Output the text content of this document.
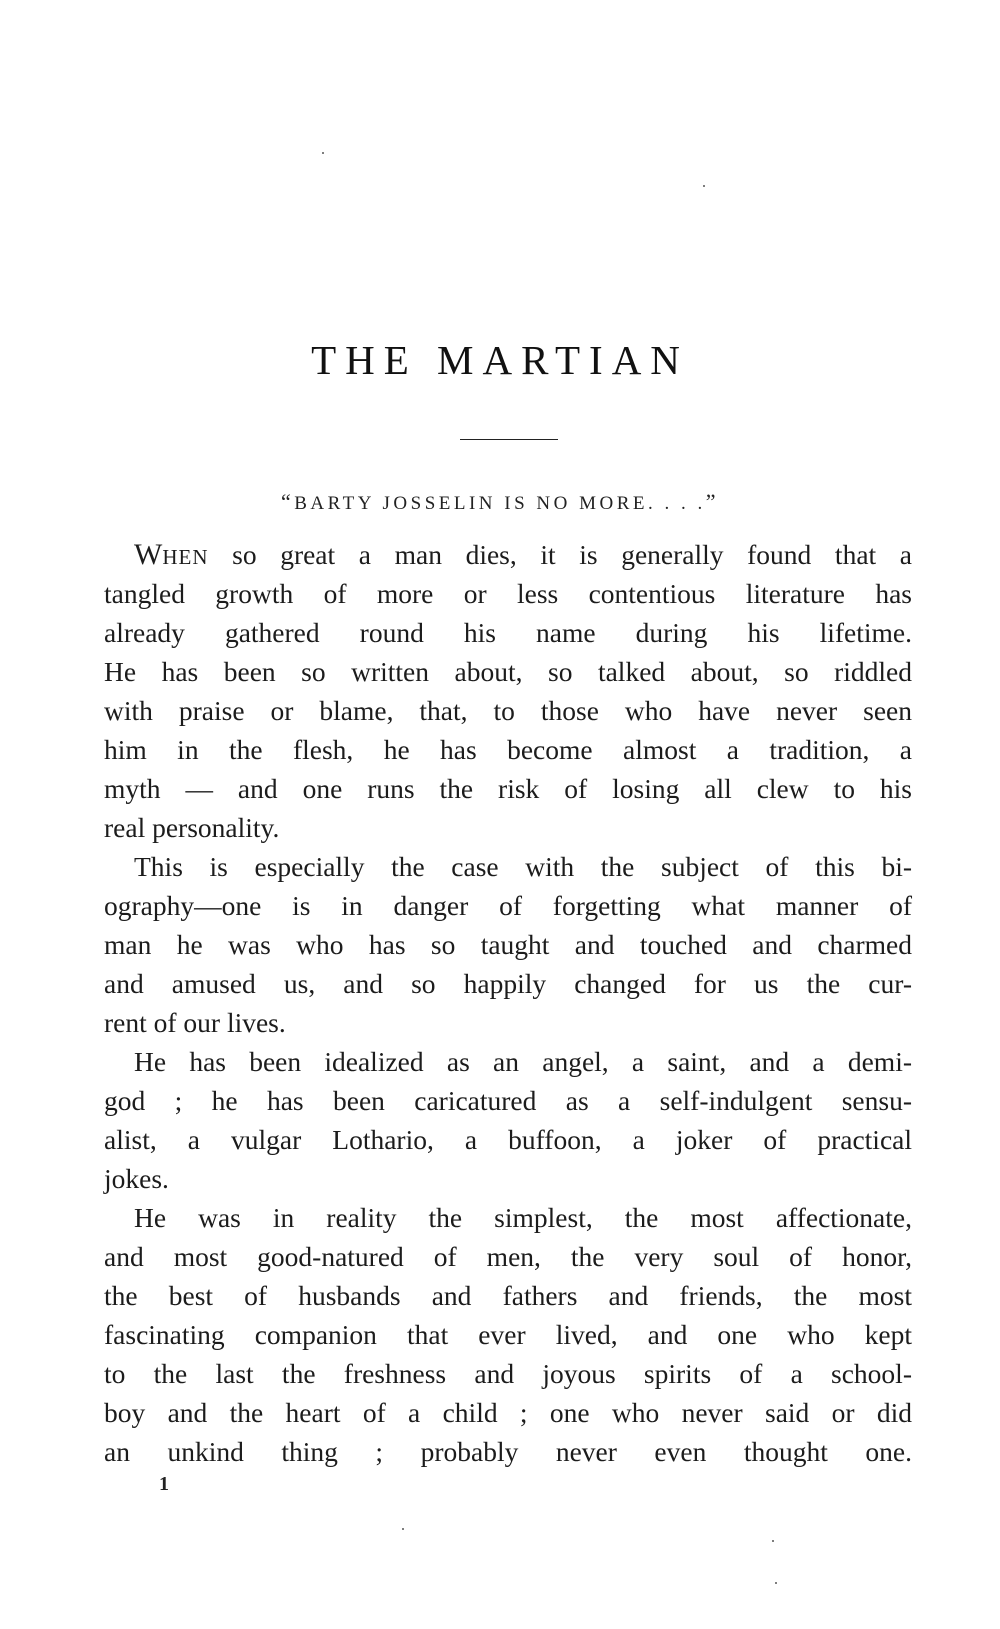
THE MARTIAN
“BARTY JOSSELIN IS NO MORE. . . .”
WHEN so great a man dies, it is generally found that a
tangled growth of more or less contentious literature has
already gathered round his name during his lifetime.
He has been so written about, so talked about, so riddled
with praise or blame, that, to those who have never seen
him in the flesh, he has become almost a tradition, a
myth — and one runs the risk of losing all clew to his
real personality.
This is especially the case with the subject of this bi-
ography—one is in danger of forgetting what manner of
man he was who has so taught and touched and charmed
and amused us, and so happily changed for us the cur-
rent of our lives.
He has been idealized as an angel, a saint, and a demi-
god ; he has been caricatured as a self-indulgent sensu-
alist, a vulgar Lothario, a buffoon, a joker of practical
jokes.
He was in reality the simplest, the most affectionate,
and most good-natured of men, the very soul of honor,
the best of husbands and fathers and friends, the most
fascinating companion that ever lived, and one who kept
to the last the freshness and joyous spirits of a school-
boy and the heart of a child ; one who never said or did
an unkind thing ; probably never even thought one.
1
